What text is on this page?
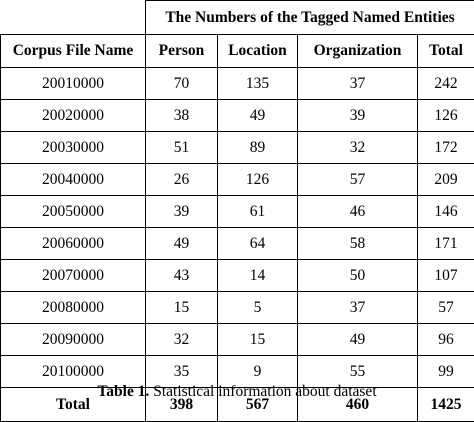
	The Numbers of the Tagged Named Entities			
Corpus File Name	Person	Location	Organization	Total
20010000	70	135	37	242
20020000	38	49	39	126
20030000	51	89	32	172
20040000	26	126	57	209
20050000	39	61	46	146
20060000	49	64	58	171
20070000	43	14	50	107
20080000	15	5	37	57
20090000	32	15	49	96
20100000	35	9	55	99
Total	398	567	460	1425
Table 1. Statistical information about dataset
